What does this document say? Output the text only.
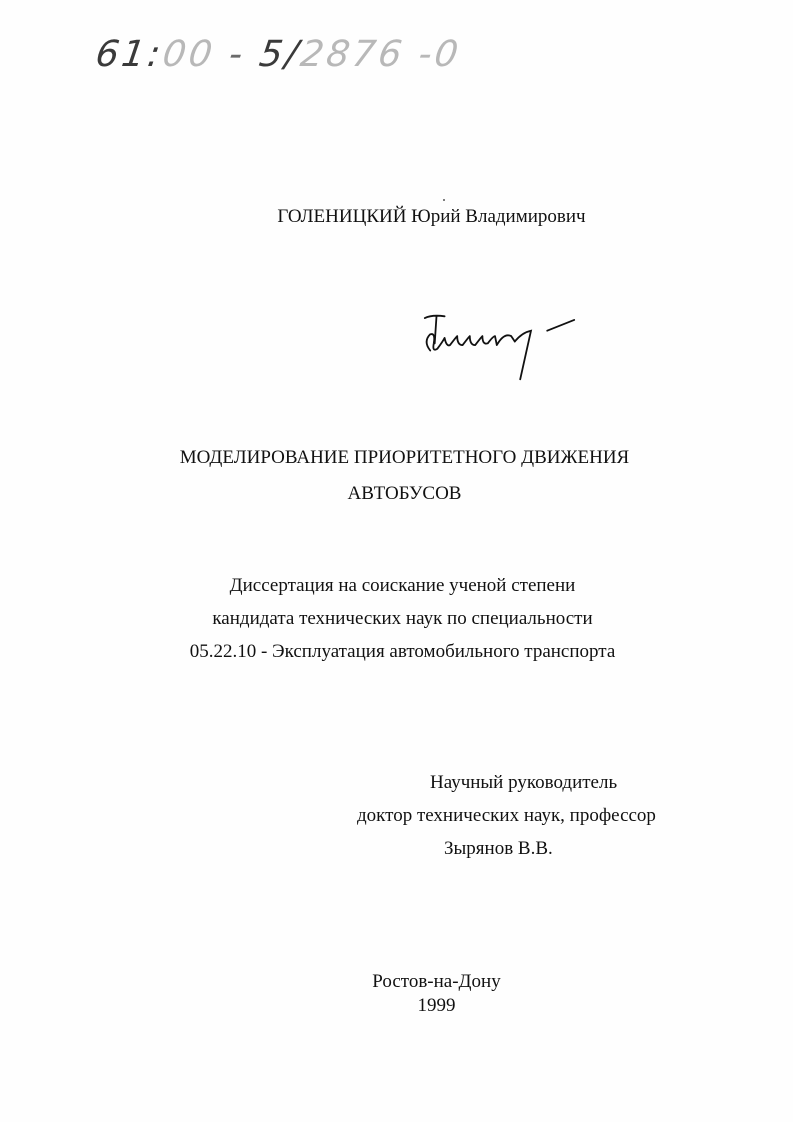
61:00 - 5/2876 -0
ГОЛЕНИЦКИЙ Юрий Владимирович
МОДЕЛИРОВАНИЕ ПРИОРИТЕТНОГО ДВИЖЕНИЯ
АВТОБУСОВ
Диссертация на соискание ученой степени
кандидата технических наук по специальности
05.22.10 - Эксплуатация автомобильного транспорта
Научный руководитель
доктор технических наук, профессор
Зырянов В.В.
Ростов-на-Дону
1999
